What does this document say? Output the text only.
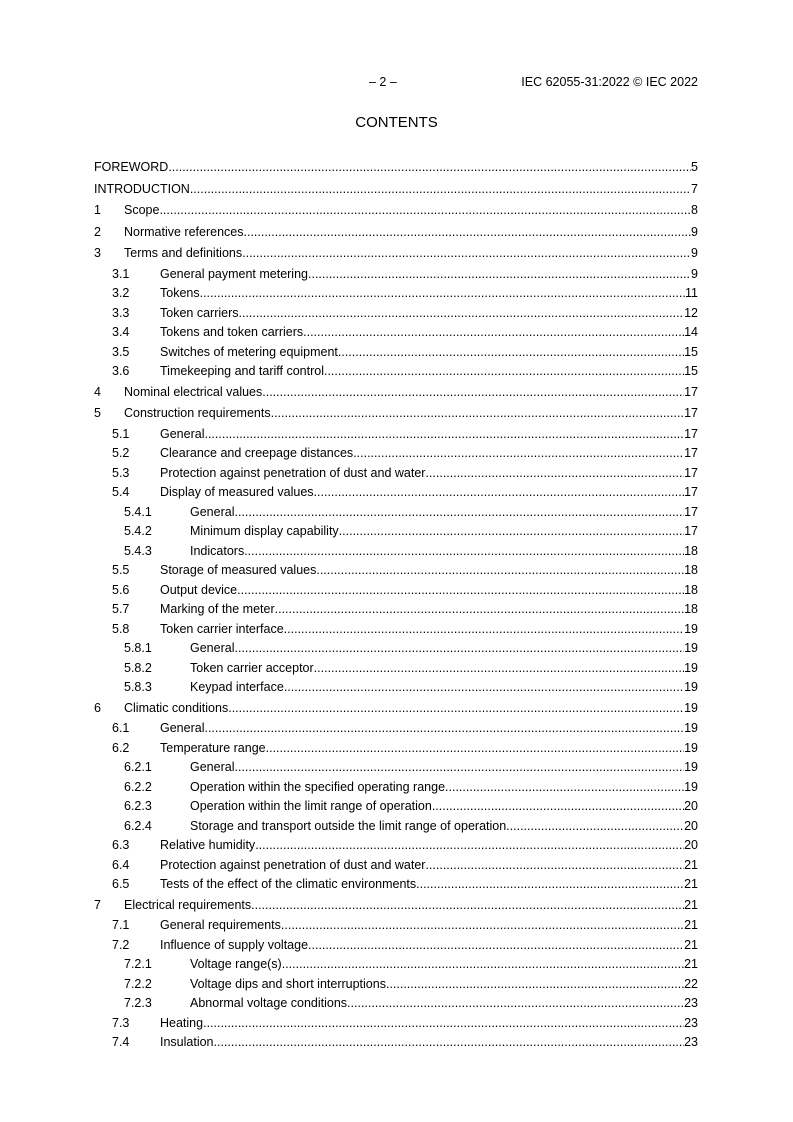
– 2 –	IEC 62055-31:2022 © IEC 2022
CONTENTS
FOREWORD .....	5
INTRODUCTION .....	7
1	Scope .....	8
2	Normative references .....	9
3	Terms and definitions .....	9
3.1	General payment metering .....	9
3.2	Tokens .....	11
3.3	Token carriers .....	12
3.4	Tokens and token carriers .....	14
3.5	Switches of metering equipment .....	15
3.6	Timekeeping and tariff control .....	15
4	Nominal electrical values .....	17
5	Construction requirements .....	17
5.1	General .....	17
5.2	Clearance and creepage distances .....	17
5.3	Protection against penetration of dust and water .....	17
5.4	Display of measured values .....	17
5.4.1	General .....	17
5.4.2	Minimum display capability .....	17
5.4.3	Indicators .....	18
5.5	Storage of measured values .....	18
5.6	Output device .....	18
5.7	Marking of the meter .....	18
5.8	Token carrier interface .....	19
5.8.1	General .....	19
5.8.2	Token carrier acceptor .....	19
5.8.3	Keypad interface .....	19
6	Climatic conditions .....	19
6.1	General .....	19
6.2	Temperature range .....	19
6.2.1	General .....	19
6.2.2	Operation within the specified operating range .....	19
6.2.3	Operation within the limit range of operation .....	20
6.2.4	Storage and transport outside the limit range of operation .....	20
6.3	Relative humidity .....	20
6.4	Protection against penetration of dust and water .....	21
6.5	Tests of the effect of the climatic environments .....	21
7	Electrical requirements .....	21
7.1	General requirements .....	21
7.2	Influence of supply voltage .....	21
7.2.1	Voltage range(s) .....	21
7.2.2	Voltage dips and short interruptions .....	22
7.2.3	Abnormal voltage conditions .....	23
7.3	Heating .....	23
7.4	Insulation .....	23
